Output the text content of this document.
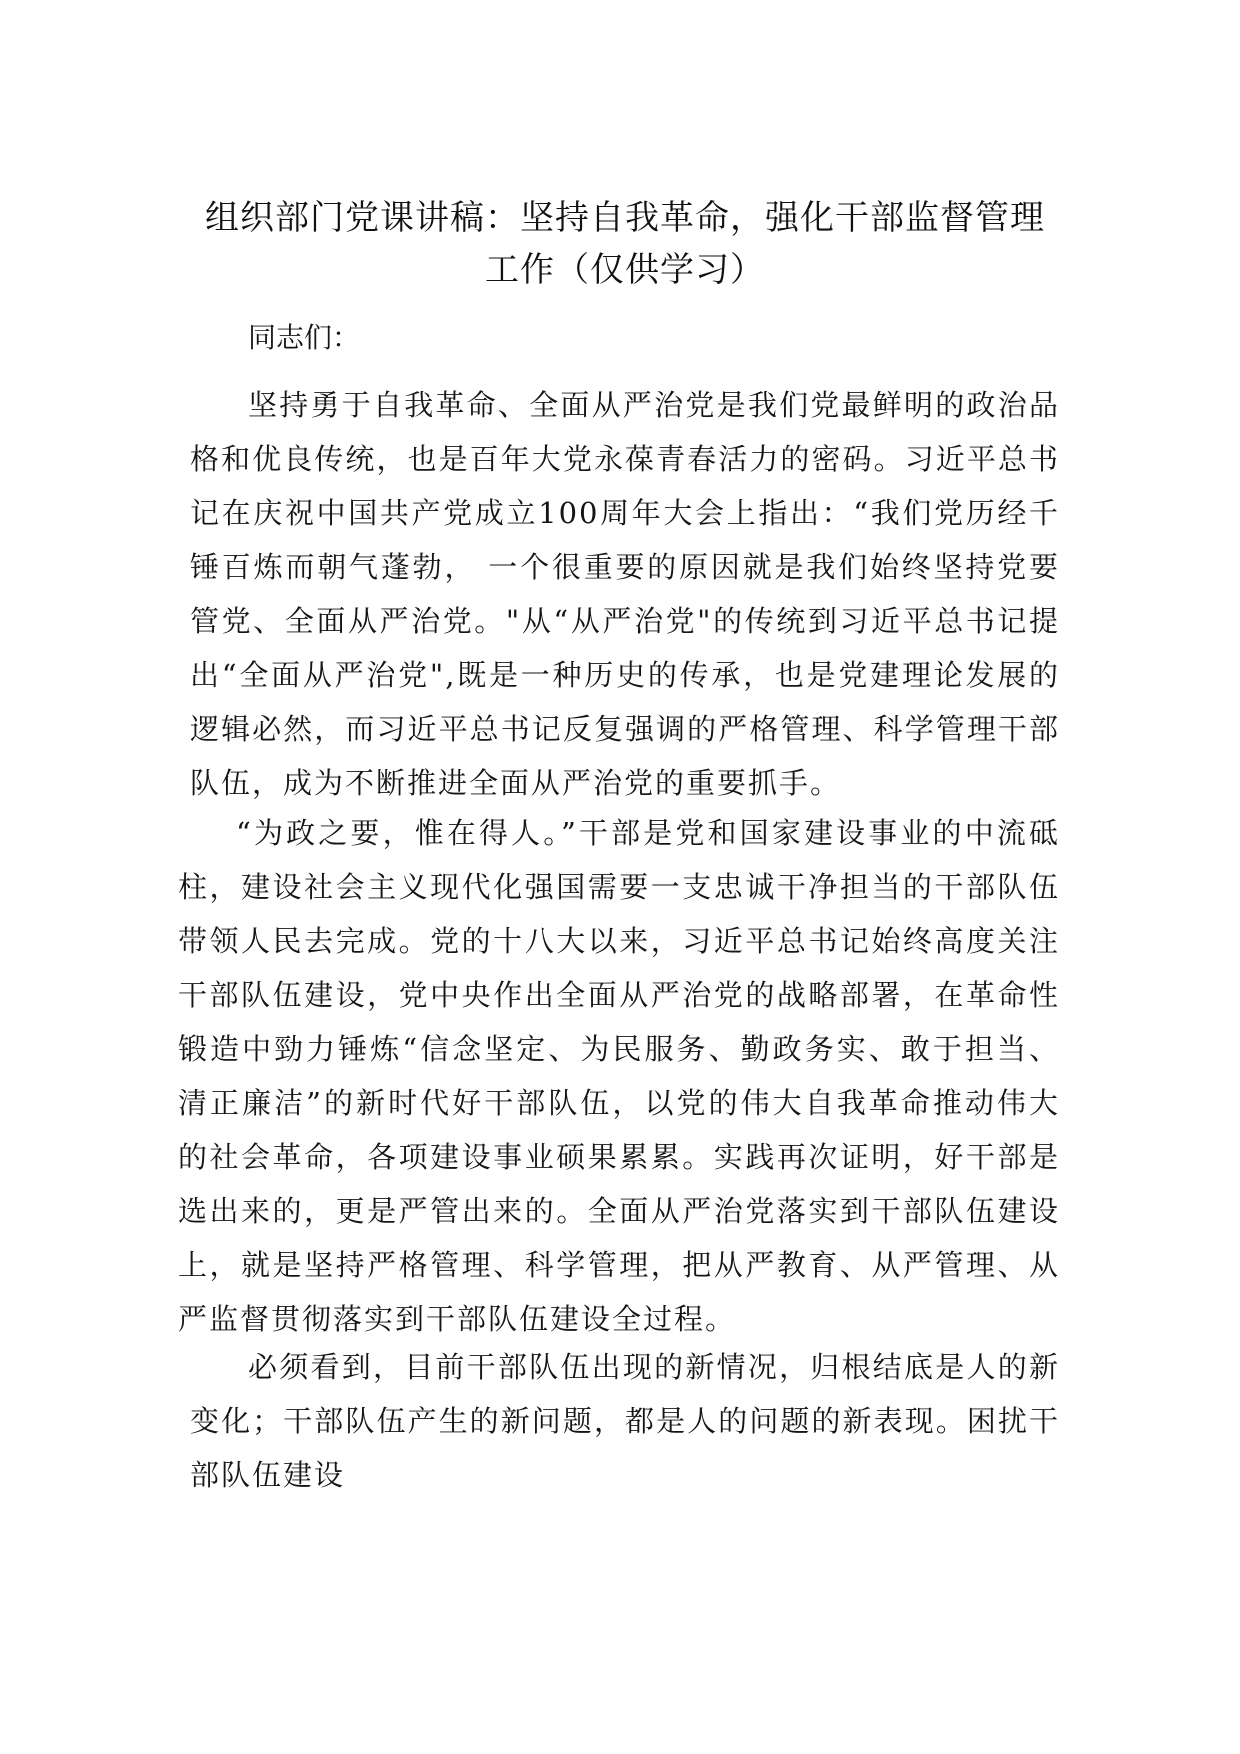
组织部门党课讲稿：坚持自我革命，强化干部监督管理工作（仅供学习）

同志们：

坚持勇于自我革命、全面从严治党是我们党最鲜明的政治品格和优良传统，也是百年大党永葆青春活力的密码。习近平总书记在庆祝中国共产党成立100周年大会上指出：“我们党历经千锤百炼而朝气蓬勃， 一个很重要的原因就是我们始终坚持党要管党、全面从严治党。"从“从严治党"的传统到习近平总书记提出“全面从严治党",既是一种历史的传承，也是党建理论发展的逻辑必然，而习近平总书记反复强调的严格管理、科学管理干部队伍，成为不断推进全面从严治党的重要抓手。

“为政之要，惟在得人。”干部是党和国家建设事业的中流砥柱，建设社会主义现代化强国需要一支忠诚干净担当的干部队伍带领人民去完成。党的十八大以来，习近平总书记始终高度关注干部队伍建设，党中央作出全面从严治党的战略部署，在革命性锻造中勁力锤炼“信念坚定、为民服务、勤政务实、敢于担当、清正廉洁”的新时代好干部队伍，以党的伟大自我革命推动伟大的社会革命，各项建设事业硕果累累。实践再次证明，好干部是选出来的，更是严管出来的。全面从严治党落实到干部队伍建设上，就是坚持严格管理、科学管理，把从严教育、从严管理、从严监督贯彻落实到干部队伍建设全过程。

必须看到，目前干部队伍出现的新情况，归根结底是人的新变化；干部队伍产生的新问题，都是人的问题的新表现。困扰干部队伍建设
